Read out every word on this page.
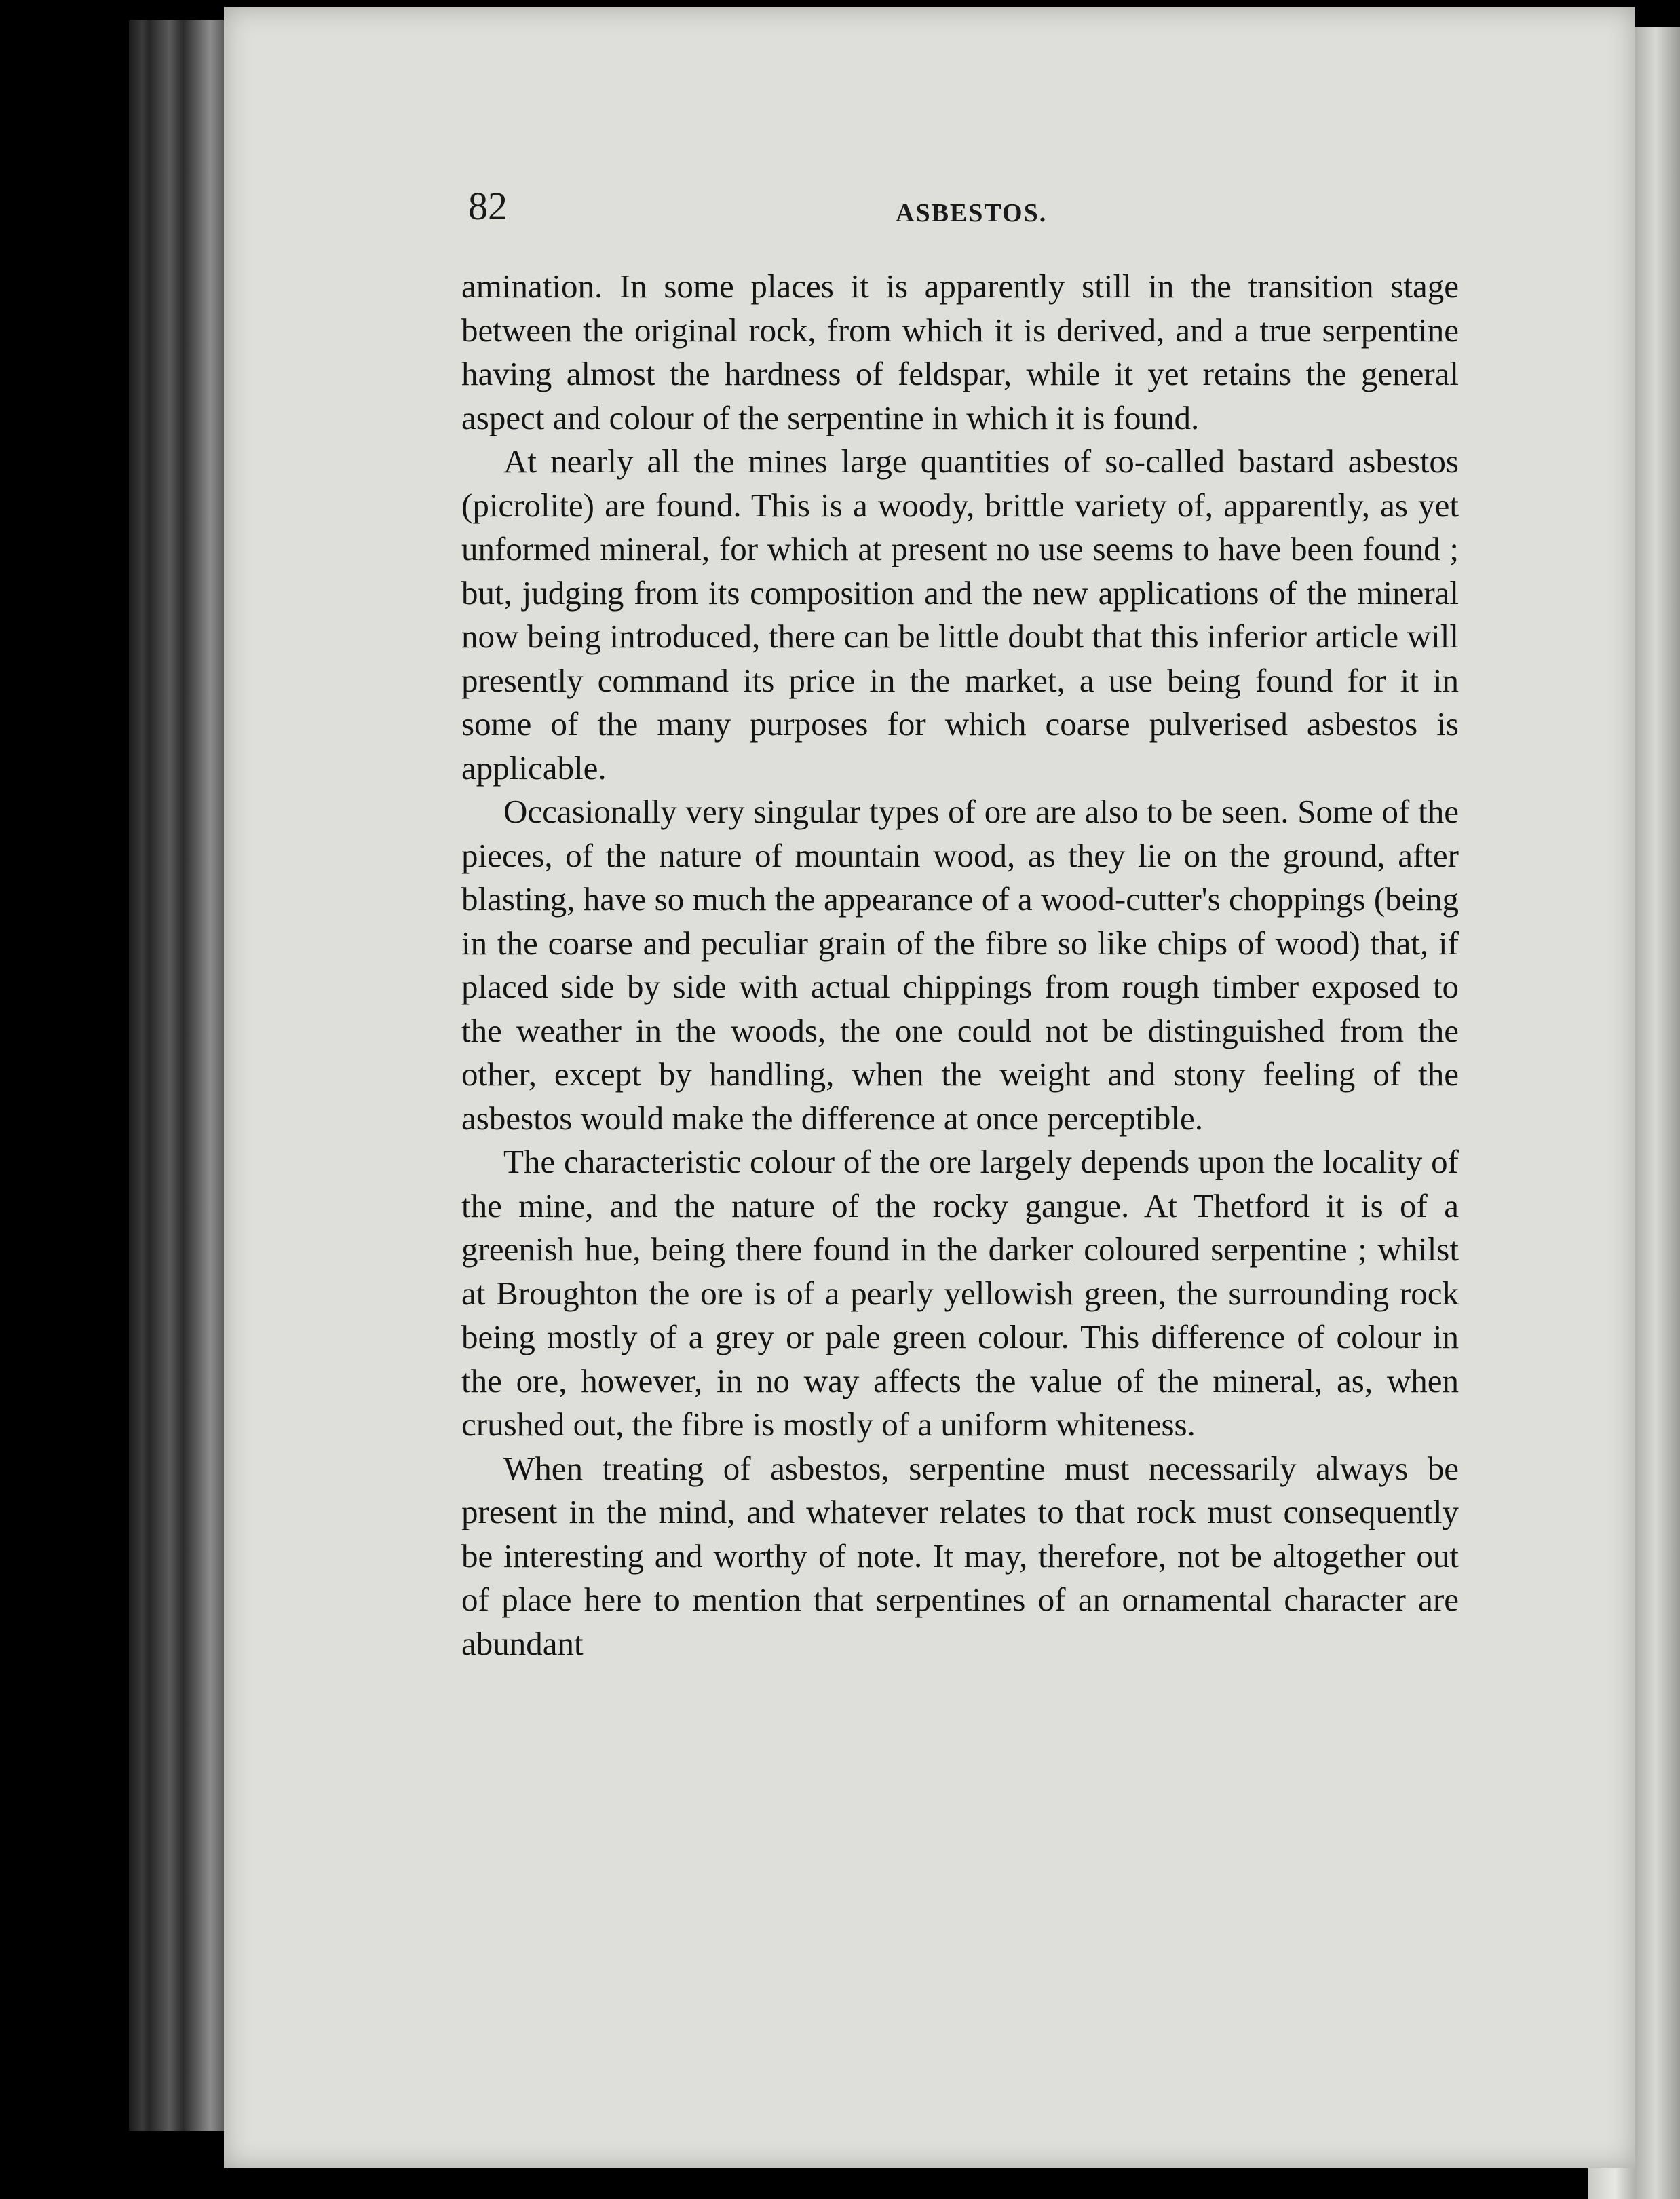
82	ASBESTOS.

amination. In some places it is apparently still in the transition stage between the original rock, from which it is derived, and a true serpentine having almost the hardness of feldspar, while it yet retains the general aspect and colour of the serpentine in which it is found.

At nearly all the mines large quantities of so-called bastard asbestos (picrolite) are found. This is a woody, brittle variety of, apparently, as yet unformed mineral, for which at present no use seems to have been found ; but, judging from its composition and the new applications of the mineral now being introduced, there can be little doubt that this inferior article will presently command its price in the market, a use being found for it in some of the many purposes for which coarse pulverised asbestos is applicable.

Occasionally very singular types of ore are also to be seen. Some of the pieces, of the nature of mountain wood, as they lie on the ground, after blasting, have so much the appearance of a wood-cutter's choppings (being in the coarse and peculiar grain of the fibre so like chips of wood) that, if placed side by side with actual chippings from rough timber exposed to the weather in the woods, the one could not be distinguished from the other, except by handling, when the weight and stony feeling of the asbestos would make the difference at once perceptible.

The characteristic colour of the ore largely depends upon the locality of the mine, and the nature of the rocky gangue. At Thetford it is of a greenish hue, being there found in the darker coloured serpentine ; whilst at Broughton the ore is of a pearly yellowish green, the surrounding rock being mostly of a grey or pale green colour. This difference of colour in the ore, however, in no way affects the value of the mineral, as, when crushed out, the fibre is mostly of a uniform whiteness.

When treating of asbestos, serpentine must necessarily always be present in the mind, and whatever relates to that rock must consequently be interesting and worthy of note. It may, therefore, not be altogether out of place here to mention that serpentines of an ornamental character are abundant
